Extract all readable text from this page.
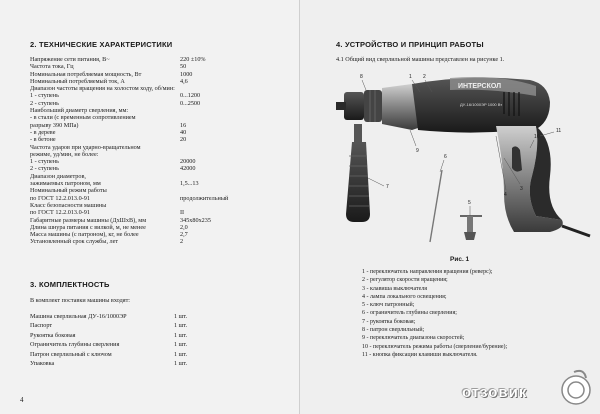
2. ТЕХНИЧЕСКИЕ ХАРАКТЕРИСТИКИ
Напряжение сети питания, В~	220 ±10%
Частота тока, Гц	50
Номинальная потребляемая мощность, Вт	1000
Номинальный потребляемый ток, А	4,6
Диапазон частоты вращения на холостом ходу, об/мин:
1 - ступень	0...1200
2 - ступень	0...2500
Наибольший диаметр сверления, мм:
- в стали (с временным сопротивлением
разрыву 390 МПа)	16
- в дереве	40
- в бетоне	20
Частота ударов при ударно-вращательном
режиме, уд/мин, не более:
1 - ступень	20000
2 - ступень	42000
Диапазон диаметров,
зажимаемых патроном, мм	1,5...13
Номинальный режим работы
по ГОСТ 12.2.013.0-91	продолжительный
Класс безопасности машины
по ГОСТ 12.2.013.0-91	II
Габаритные размеры машины (ДхШхВ), мм	345х80х235
Длина шнура питания с вилкой, м, не менее	2,0
Масса машины (с патроном), кг, не более	2,7
Установленный срок службы, лет	2
3. КОМПЛЕКТНОСТЬ
В комплект поставки машины входят:
Машина сверлильная ДУ-16/1000ЭР	1 шт.
Паспорт	1 шт.
Рукоятка боковая	1 шт.
Ограничитель глубины сверления	1 шт.
Патрон сверлильный с ключом	1 шт.
Упаковка	1 шт.
4
4. УСТРОЙСТВО И ПРИНЦИП РАБОТЫ
4.1 Общий вид сверлильной машины представлен на рисунке 1.
ИНТЕРСКОЛ
ДУ-16/1000ЭР 1000 Вт
1 2
3
4
5
6
7
8
9
10
11
Рис. 1
1 - переключатель направления вращения (реверс);
2 - регулятор скорости вращения;
3 - клавиша выключателя
4 - лампа локального освещения;
5 - ключ патронный;
6 - ограничитель глубины сверления;
7 - рукоятка боковая;
8 - патрон сверлильный;
9 - переключатель диапазона скоростей;
10 - переключатель режима работы (сверление/бурение);
11 - кнопка фиксации клавиши выключателя.
отзовик
